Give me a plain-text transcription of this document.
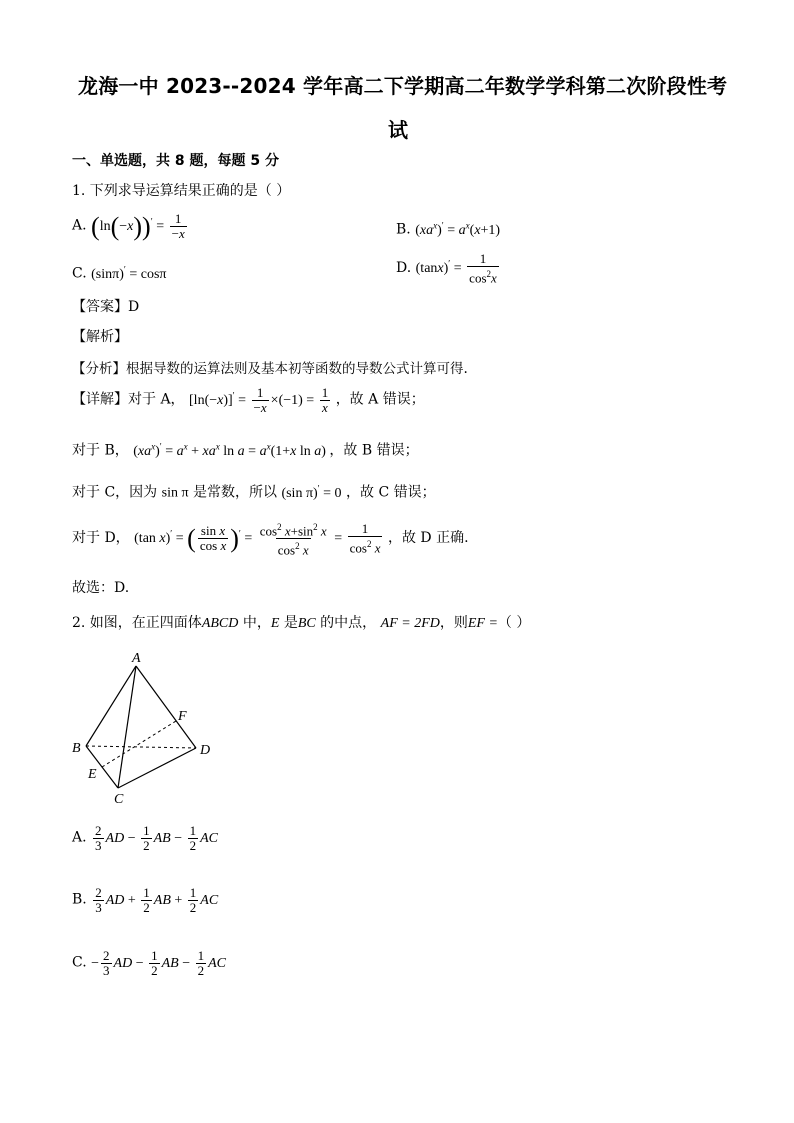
龙海一中 2023--2024 学年高二下学期高二年数学学科第二次阶段性考
试
一、单选题，共 8 题，每题 5 分
1. 下列求导运算结果正确的是（ ）
A. $(\ln(-x))' = \frac{1}{-x}$	B. $(xa^x)' = a^x(x+1)$
C. (sinπ)′ = cosπ	D. $(\tan x)' = \frac{1}{\cos^2x}$
【答案】D
【解析】
【分析】根据导数的运算法则及基本初等函数的导数公式计算可得.
【详解】对于 A， $[\ln(-x)]' = \frac{1}{-x} \times(-1) = \frac{1}{x}$ ，故 A 错误；
对于 B， $(xa^x)' = a^x + xa^x$ $\ln a = a^x(1+x$ ln a) ，故 B 错误；
对于 C，因为 sin π 是常数，所以 (sin π)′ = 0 ，故 C 错误；
对于 D， (tan x)′ = ( $\frac{\text{sin x}}{\text{cos x}} )' = \frac{\cos^2 x+\sin^2 x}{\cos^2 x} = \frac{1}{\cos^2 x}$ ，故 D 正确.
故选：D.
2. 如图，在正四面体ABCD 中，E 是BC 的中点， AF = 2FD，则EF =（ ）
A
B
C
D
E
F
A. $\frac{2}{3}$ AD − $\frac{1}{2}$ AB − $\frac{1}{2}$ AC
B. $\frac{2}{3}$ AD + $\frac{1}{2}$ AB + $\frac{1}{2}$ AC
C. − $\frac{2}{3}$ AD − $\frac{1}{2}$ AB − $\frac{1}{2}$ AC
